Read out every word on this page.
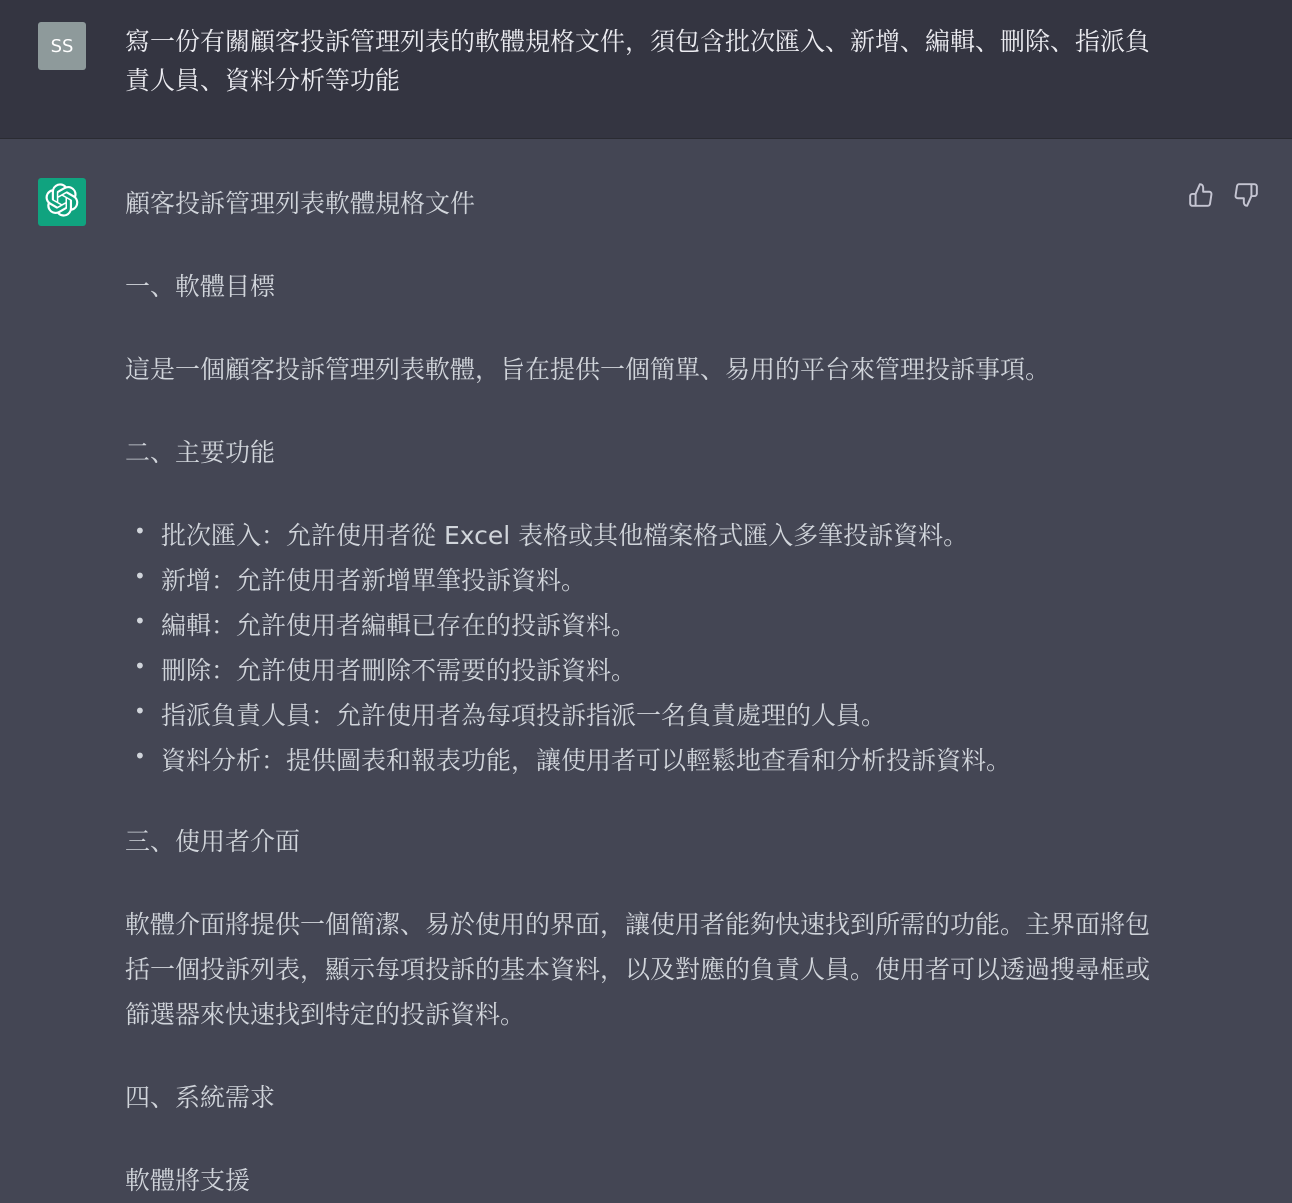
SS 寫一份有關顧客投訴管理列表的軟體規格文件，須包含批次匯入、新增、編輯、刪除、指派負責人員、資料分析等功能

顧客投訴管理列表軟體規格文件

一、軟體目標

這是一個顧客投訴管理列表軟體，旨在提供一個簡單、易用的平台來管理投訴事項。

二、主要功能

• 批次匯入：允許使用者從 Excel 表格或其他檔案格式匯入多筆投訴資料。
• 新增：允許使用者新增單筆投訴資料。
• 編輯：允許使用者編輯已存在的投訴資料。
• 刪除：允許使用者刪除不需要的投訴資料。
• 指派負責人員：允許使用者為每項投訴指派一名負責處理的人員。
• 資料分析：提供圖表和報表功能，讓使用者可以輕鬆地查看和分析投訴資料。

三、使用者介面

軟體介面將提供一個簡潔、易於使用的界面，讓使用者能夠快速找到所需的功能。主界面將包括一個投訴列表，顯示每項投訴的基本資料，以及對應的負責人員。使用者可以透過搜尋框或篩選器來快速找到特定的投訴資料。

四、系統需求

軟體將支援
